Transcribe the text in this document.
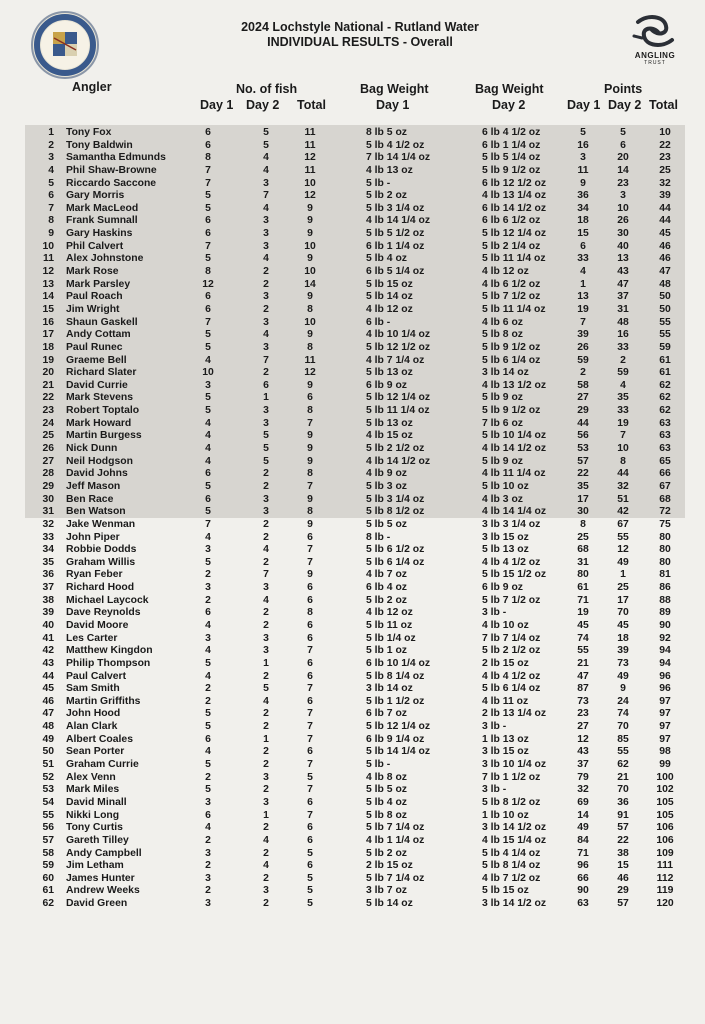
2024 Lochstyle National - Rutland Water
INDIVIDUAL RESULTS - Overall
ANGLING
TRUST
Angler	No. of fish	Bag Weight	Bag Weight	Points
Day 1 Day 2 Total	Day 1	Day 2	Day 1 Day 2 Total
1 Tony Fox	6	5	11	8 lb 5 oz	6 lb 4 1/2 oz	5	5	10
2 Tony Baldwin	6	5	11	5 lb 4 1/2 oz	6 lb 1 1/4 oz	16	6	22
3 Samantha Edmunds	8	4	12	7 lb 14 1/4 oz	5 lb 5 1/4 oz	3	20	23
4 Phil Shaw-Browne	7	4	11	4 lb 13 oz	5 lb 9 1/2 oz	11	14	25
5 Riccardo Saccone	7	3	10	5 lb -	6 lb 12 1/2 oz	9	23	32
6 Gary Morris	5	7	12	5 lb 2 oz	4 lb 13 1/4 oz	36	3	39
7 Mark MacLeod	5	4	9	5 lb 3 1/4 oz	6 lb 14 1/2 oz	34	10	44
8 Frank Sumnall	6	3	9	4 lb 14 1/4 oz	6 lb 6 1/2 oz	18	26	44
9 Gary Haskins	6	3	9	5 lb 5 1/2 oz	5 lb 12 1/4 oz	15	30	45
10 Phil Calvert	7	3	10	6 lb 1 1/4 oz	5 lb 2 1/4 oz	6	40	46
11 Alex Johnstone	5	4	9	5 lb 4 oz	5 lb 11 1/4 oz	33	13	46
12 Mark Rose	8	2	10	6 lb 5 1/4 oz	4 lb 12 oz	4	43	47
13 Mark Parsley	12	2	14	5 lb 15 oz	4 lb 6 1/2 oz	1	47	48
14 Paul Roach	6	3	9	5 lb 14 oz	5 lb 7 1/2 oz	13	37	50
15 Jim Wright	6	2	8	4 lb 12 oz	5 lb 11 1/4 oz	19	31	50
16 Shaun Gaskell	7	3	10	6 lb -	4 lb 6 oz	7	48	55
17 Andy Cottam	5	4	9	4 lb 10 1/4 oz	5 lb 8 oz	39	16	55
18 Paul Runec	5	3	8	5 lb 12 1/2 oz	5 lb 9 1/2 oz	26	33	59
19 Graeme Bell	4	7	11	4 lb 7 1/4 oz	5 lb 6 1/4 oz	59	2	61
20 Richard Slater	10	2	12	5 lb 13 oz	3 lb 14 oz	2	59	61
21 David Currie	3	6	9	6 lb 9 oz	4 lb 13 1/2 oz	58	4	62
22 Mark Stevens	5	1	6	5 lb 12 1/4 oz	5 lb 9 oz	27	35	62
23 Robert Toptalo	5	3	8	5 lb 11 1/4 oz	5 lb 9 1/2 oz	29	33	62
24 Mark Howard	4	3	7	5 lb 13 oz	7 lb 6 oz	44	19	63
25 Martin Burgess	4	5	9	4 lb 15 oz	5 lb 10 1/4 oz	56	7	63
26 Nick Dunn	4	5	9	5 lb 2 1/2 oz	4 lb 14 1/2 oz	53	10	63
27 Neil Hodgson	4	5	9	4 lb 14 1/2 oz	5 lb 9 oz	57	8	65
28 David Johns	6	2	8	4 lb 9 oz	4 lb 11 1/4 oz	22	44	66
29 Jeff Mason	5	2	7	5 lb 3 oz	5 lb 10 oz	35	32	67
30 Ben Race	6	3	9	5 lb 3 1/4 oz	4 lb 3 oz	17	51	68
31 Ben Watson	5	3	8	5 lb 8 1/2 oz	4 lb 14 1/4 oz	30	42	72
32 Jake Wenman	7	2	9	5 lb 5 oz	3 lb 3 1/4 oz	8	67	75
33 John Piper	4	2	6	8 lb -	3 lb 15 oz	25	55	80
34 Robbie Dodds	3	4	7	5 lb 6 1/2 oz	5 lb 13 oz	68	12	80
35 Graham Willis	5	2	7	5 lb 6 1/4 oz	4 lb 4 1/2 oz	31	49	80
36 Ryan Feber	2	7	9	4 lb 7 oz	5 lb 15 1/2 oz	80	1	81
37 Richard Hood	3	3	6	6 lb 4 oz	6 lb 9 oz	61	25	86
38 Michael Laycock	2	4	6	5 lb 2 oz	5 lb 7 1/2 oz	71	17	88
39 Dave Reynolds	6	2	8	4 lb 12 oz	3 lb -	19	70	89
40 David Moore	4	2	6	5 lb 11 oz	4 lb 10 oz	45	45	90
41 Les Carter	3	3	6	5 lb 1/4 oz	7 lb 7 1/4 oz	74	18	92
42 Matthew Kingdon	4	3	7	5 lb 1 oz	5 lb 2 1/2 oz	55	39	94
43 Philip Thompson	5	1	6	6 lb 10 1/4 oz	2 lb 15 oz	21	73	94
44 Paul Calvert	4	2	6	5 lb 8 1/4 oz	4 lb 4 1/2 oz	47	49	96
45 Sam Smith	2	5	7	3 lb 14 oz	5 lb 6 1/4 oz	87	9	96
46 Martin Griffiths	2	4	6	5 lb 1 1/2 oz	4 lb 11 oz	73	24	97
47 John Hood	5	2	7	6 lb 7 oz	2 lb 13 1/4 oz	23	74	97
48 Alan Clark	5	2	7	5 lb 12 1/4 oz	3 lb -	27	70	97
49 Albert Coales	6	1	7	6 lb 9 1/4 oz	1 lb 13 oz	12	85	97
50 Sean Porter	4	2	6	5 lb 14 1/4 oz	3 lb 15 oz	43	55	98
51 Graham Currie	5	2	7	5 lb -	3 lb 10 1/4 oz	37	62	99
52 Alex Venn	2	3	5	4 lb 8 oz	7 lb 1 1/2 oz	79	21	100
53 Mark Miles	5	2	7	5 lb 5 oz	3 lb -	32	70	102
54 David Minall	3	3	6	5 lb 4 oz	5 lb 8 1/2 oz	69	36	105
55 Nikki Long	6	1	7	5 lb 8 oz	1 lb 10 oz	14	91	105
56 Tony Curtis	4	2	6	5 lb 7 1/4 oz	3 lb 14 1/2 oz	49	57	106
57 Gareth Tilley	2	4	6	4 lb 1 1/4 oz	4 lb 15 1/4 oz	84	22	106
58 Andy Campbell	3	2	5	5 lb 2 oz	5 lb 4 1/4 oz	71	38	109
59 Jim Letham	2	4	6	2 lb 15 oz	5 lb 8 1/4 oz	96	15	111
60 James Hunter	3	2	5	5 lb 7 1/4 oz	4 lb 7 1/2 oz	66	46	112
61 Andrew Weeks	2	3	5	3 lb 7 oz	5 lb 15 oz	90	29	119
62 David Green	3	2	5	5 lb 14 oz	3 lb 14 1/2 oz	63	57	120
